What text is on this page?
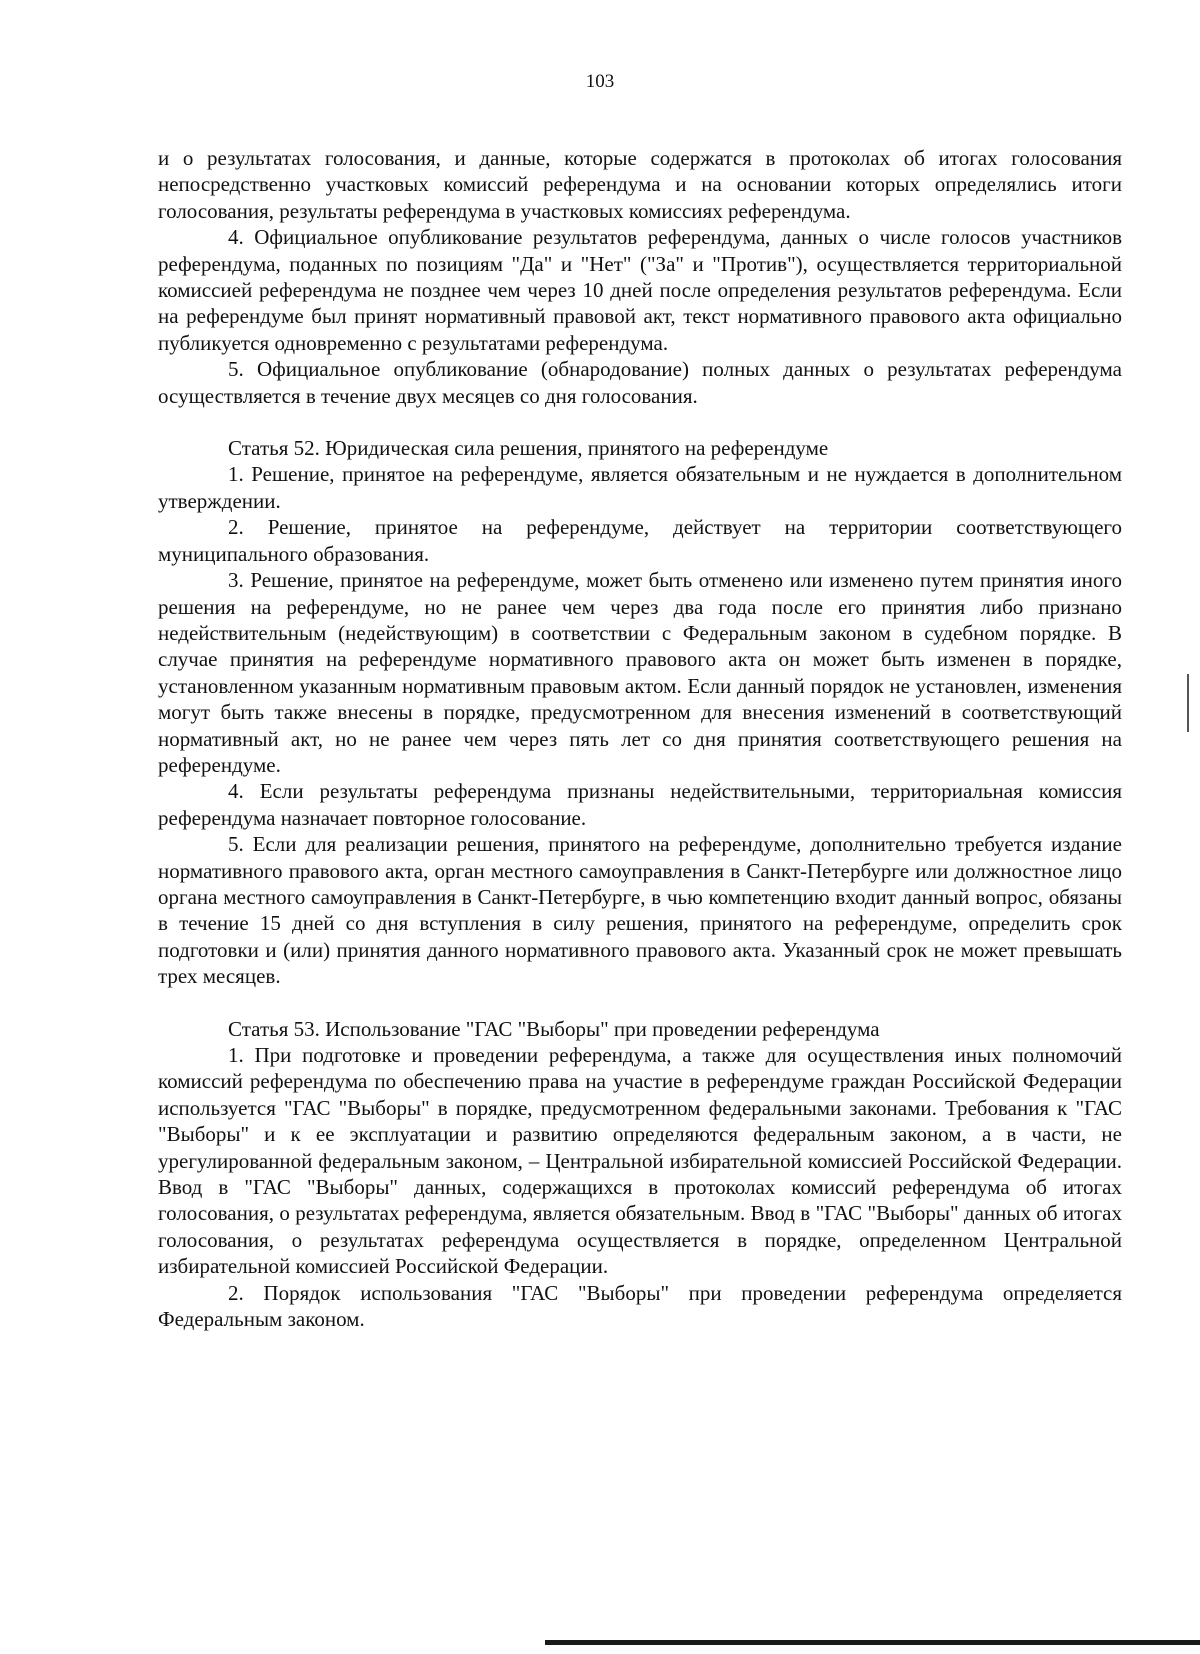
103

и о результатах голосования, и данные, которые содержатся в протоколах об итогах голосования непосредственно участковых комиссий референдума и на основании которых определялись итоги голосования, результаты референдума в участковых комиссиях референдума.

4. Официальное опубликование результатов референдума, данных о числе голосов участников референдума, поданных по позициям "Да" и "Нет" ("За" и "Против"), осуществляется территориальной комиссией референдума не позднее чем через 10 дней после определения результатов референдума. Если на референдуме был принят нормативный правовой акт, текст нормативного правового акта официально публикуется одновременно с результатами референдума.

5. Официальное опубликование (обнародование) полных данных о результатах референдума осуществляется в течение двух месяцев со дня голосования.

Статья 52. Юридическая сила решения, принятого на референдуме

1. Решение, принятое на референдуме, является обязательным и не нуждается в дополнительном утверждении.

2. Решение, принятое на референдуме, действует на территории соответствующего муниципального образования.

3. Решение, принятое на референдуме, может быть отменено или изменено путем принятия иного решения на референдуме, но не ранее чем через два года после его принятия либо признано недействительным (недействующим) в соответствии с Федеральным законом в судебном порядке. В случае принятия на референдуме нормативного правового акта он может быть изменен в порядке, установленном указанным нормативным правовым актом. Если данный порядок не установлен, изменения могут быть также внесены в порядке, предусмотренном для внесения изменений в соответствующий нормативный акт, но не ранее чем через пять лет со дня принятия соответствующего решения на референдуме.

4. Если результаты референдума признаны недействительными, территориальная комиссия референдума назначает повторное голосование.

5. Если для реализации решения, принятого на референдуме, дополнительно требуется издание нормативного правового акта, орган местного самоуправления в Санкт-Петербурге или должностное лицо органа местного самоуправления в Санкт-Петербурге, в чью компетенцию входит данный вопрос, обязаны в течение 15 дней со дня вступления в силу решения, принятого на референдуме, определить срок подготовки и (или) принятия данного нормативного правового акта. Указанный срок не может превышать трех месяцев.

Статья 53. Использование "ГАС "Выборы" при проведении референдума

1. При подготовке и проведении референдума, а также для осуществления иных полномочий комиссий референдума по обеспечению права на участие в референдуме граждан Российской Федерации используется "ГАС "Выборы" в порядке, предусмотренном федеральными законами. Требования к "ГАС "Выборы" и к ее эксплуатации и развитию определяются федеральным законом, а в части, не урегулированной федеральным законом, – Центральной избирательной комиссией Российской Федерации. Ввод в "ГАС "Выборы" данных, содержащихся в протоколах комиссий референдума об итогах голосования, о результатах референдума, является обязательным. Ввод в "ГАС "Выборы" данных об итогах голосования, о результатах референдума осуществляется в порядке, определенном Центральной избирательной комиссией Российской Федерации.

2. Порядок использования "ГАС "Выборы" при проведении референдума определяется Федеральным законом.
